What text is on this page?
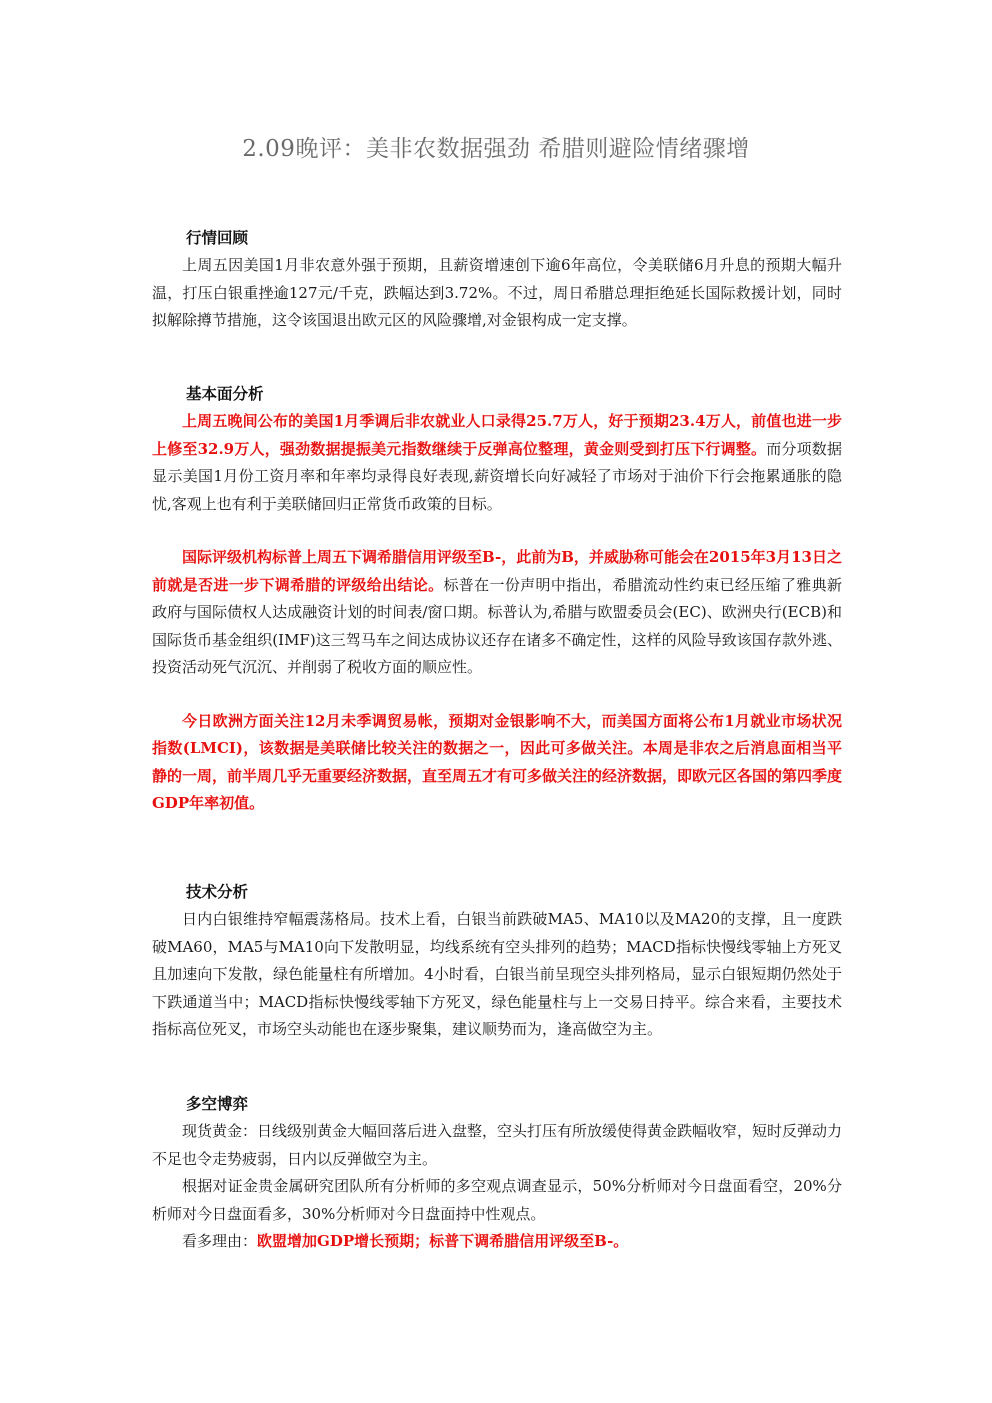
2.09晚评：美非农数据强劲 希腊则避险情绪骤增

行情回顾

上周五因美国1月非农意外强于预期，且薪资增速创下逾6年高位，令美联储6月升息的预期大幅升温，打压白银重挫逾127元/千克，跌幅达到3.72%。不过，周日希腊总理拒绝延长国际救援计划，同时拟解除撙节措施，这令该国退出欧元区的风险骤增,对金银构成一定支撑。

基本面分析

上周五晚间公布的美国1月季调后非农就业人口录得25.7万人，好于预期23.4万人，前值也进一步上修至32.9万人，强劲数据提振美元指数继续于反弹高位整理，黄金则受到打压下行调整。而分项数据显示美国1月份工资月率和年率均录得良好表现,薪资增长向好减轻了市场对于油价下行会拖累通胀的隐忧,客观上也有利于美联储回归正常货币政策的目标。

国际评级机构标普上周五下调希腊信用评级至B-，此前为B，并威胁称可能会在2015年3月13日之前就是否进一步下调希腊的评级给出结论。标普在一份声明中指出，希腊流动性约束已经压缩了雅典新政府与国际债权人达成融资计划的时间表/窗口期。标普认为,希腊与欧盟委员会(EC)、欧洲央行(ECB)和国际货币基金组织(IMF)这三驾马车之间达成协议还存在诸多不确定性，这样的风险导致该国存款外逃、投资活动死气沉沉、并削弱了税收方面的顺应性。

今日欧洲方面关注12月未季调贸易帐，预期对金银影响不大，而美国方面将公布1月就业市场状况指数(LMCI)，该数据是美联储比较关注的数据之一，因此可多做关注。本周是非农之后消息面相当平静的一周，前半周几乎无重要经济数据，直至周五才有可多做关注的经济数据，即欧元区各国的第四季度GDP年率初值。

技术分析

日内白银维持窄幅震荡格局。技术上看，白银当前跌破MA5、MA10以及MA20的支撑，且一度跌破MA60，MA5与MA10向下发散明显，均线系统有空头排列的趋势；MACD指标快慢线零轴上方死叉且加速向下发散，绿色能量柱有所增加。4小时看，白银当前呈现空头排列格局，显示白银短期仍然处于下跌通道当中；MACD指标快慢线零轴下方死叉，绿色能量柱与上一交易日持平。综合来看，主要技术指标高位死叉，市场空头动能也在逐步聚集，建议顺势而为，逢高做空为主。

多空博弈

现货黄金：日线级别黄金大幅回落后进入盘整，空头打压有所放缓使得黄金跌幅收窄，短时反弹动力不足也令走势疲弱，日内以反弹做空为主。

根据对证金贵金属研究团队所有分析师的多空观点调查显示，50%分析师对今日盘面看空，20%分析师对今日盘面看多，30%分析师对今日盘面持中性观点。

看多理由：欧盟增加GDP增长预期；标普下调希腊信用评级至B-。
